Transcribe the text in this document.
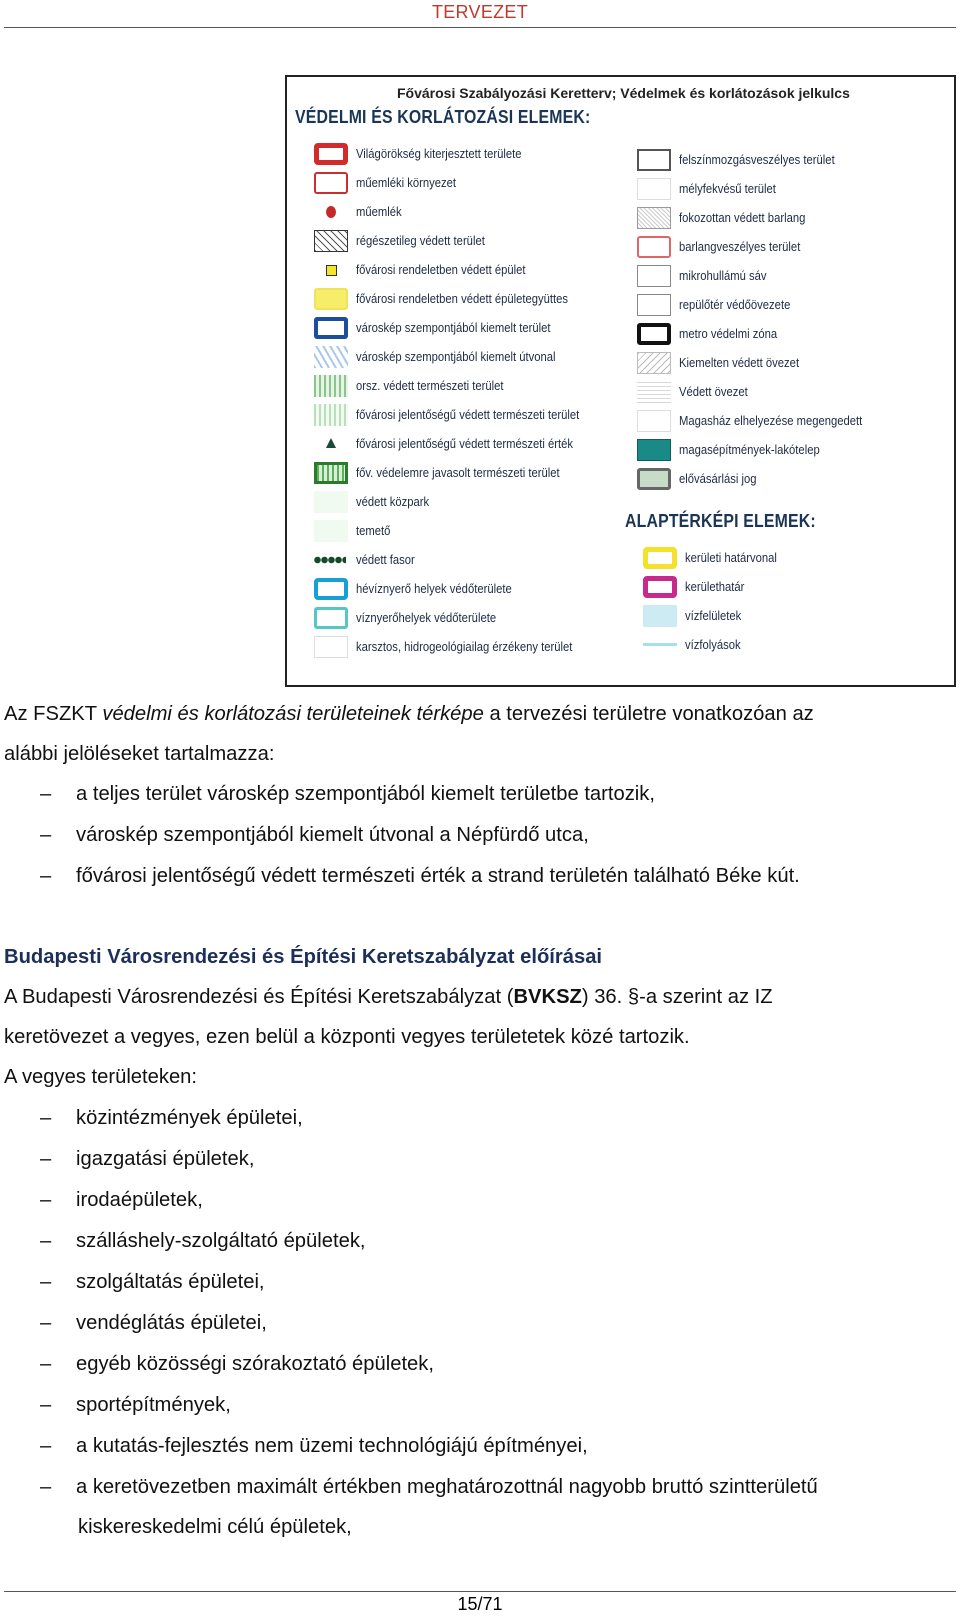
TERVEZET
Fővárosi Szabályozási Keretterv; Védelmek és korlátozások jelkulcs
VÉDELMI ÉS KORLÁTOZÁSI ELEMEK:
Világörökség kiterjesztett területe
műemléki környezet
műemlék
régészetileg védett terület
fővárosi rendeletben védett épület
fővárosi rendeletben védett épületegyüttes
városkép szempontjából kiemelt terület
városkép szempontjából kiemelt útvonal
orsz. védett természeti terület
fővárosi jelentőségű védett természeti terület
fővárosi jelentőségű védett természeti érték
főv. védelemre javasolt természeti terület
védett közpark
temető
védett fasor
hévíznyerő helyek védőterülete
víznyerőhelyek védőterülete
karsztos, hidrogeológiailag érzékeny terület
felszínmozgásveszélyes terület
mélyfekvésű terület
fokozottan védett barlang
barlangveszélyes terület
mikrohullámú sáv
repülőtér védőövezete
metro védelmi zóna
Kiemelten védett övezet
Védett övezet
Magasház elhelyezése megengedett
magasépítmények-lakótelep
elővásárlási jog
ALAPTÉRKÉPI ELEMEK:
kerületi határvonal
kerülethatár
vízfelületek
vízfolyások
Az FSZKT védelmi és korlátozási területeinek térképe a tervezési területre vonatkozóan az
alábbi jelöléseket tartalmazza:
– a teljes terület városkép szempontjából kiemelt területbe tartozik,
– városkép szempontjából kiemelt útvonal a Népfürdő utca,
– fővárosi jelentőségű védett természeti érték a strand területén található Béke kút.
Budapesti Városrendezési és Építési Keretszabályzat előírásai
A Budapesti Városrendezési és Építési Keretszabályzat (BVKSZ) 36. §-a szerint az IZ
keretövezet a vegyes, ezen belül a központi vegyes területetek közé tartozik.
A vegyes területeken:
– közintézmények épületei,
– igazgatási épületek,
– irodaépületek,
– szálláshely-szolgáltató épületek,
– szolgáltatás épületei,
– vendéglátás épületei,
– egyéb közösségi szórakoztató épületek,
– sportépítmények,
– a kutatás-fejlesztés nem üzemi technológiájú építményei,
– a keretövezetben maximált értékben meghatározottnál nagyobb bruttó szintterületű
kiskereskedelmi célú épületek,
15/71
